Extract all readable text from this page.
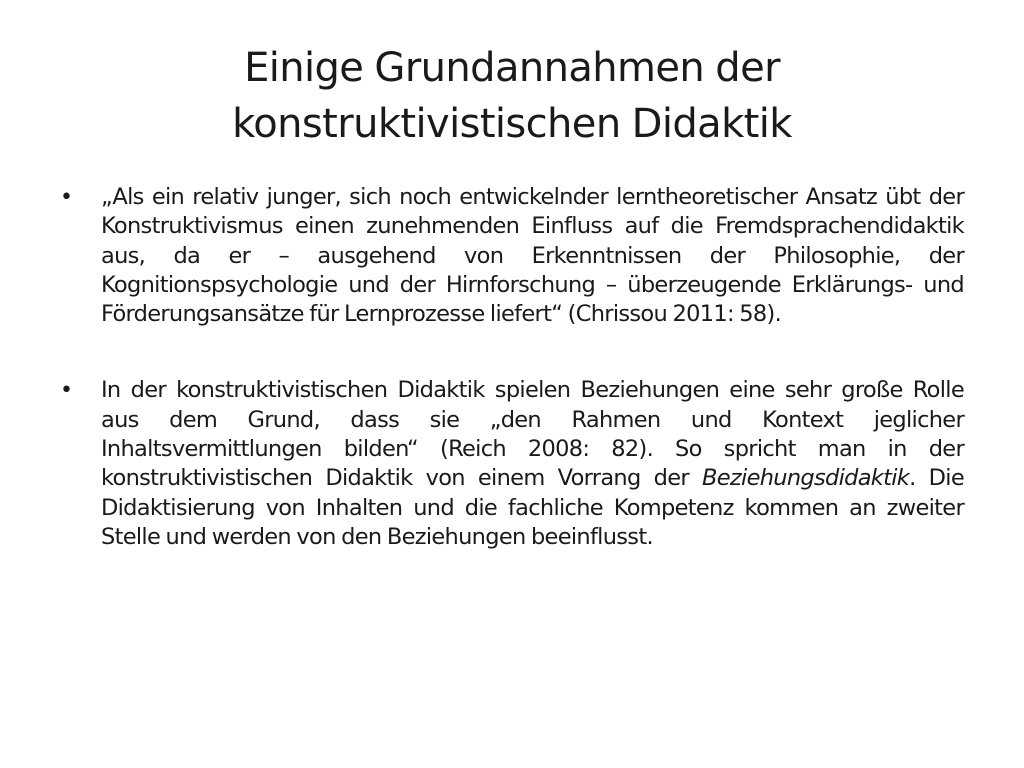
Einige Grundannahmen der konstruktivistischen Didaktik
•	„Als ein relativ junger, sich noch entwickelnder lerntheoretischer Ansatz übt der Konstruktivismus einen zunehmenden Einfluss auf die Fremdsprachendidaktik aus, da er – ausgehend von Erkenntnissen der Philosophie, der Kognitionspsychologie und der Hirnforschung – überzeugende Erklärungs- und Förderungsansätze für Lernprozesse liefert“ (Chrissou 2011: 58).
•	In der konstruktivistischen Didaktik spielen Beziehungen eine sehr große Rolle aus dem Grund, dass sie „den Rahmen und Kontext jeglicher Inhaltsvermittlungen bilden“ (Reich 2008: 82). So spricht man in der konstruktivistischen Didaktik von einem Vorrang der Beziehungsdidaktik. Die Didaktisierung von Inhalten und die fachliche Kompetenz kommen an zweiter Stelle und werden von den Beziehungen beeinflusst.
